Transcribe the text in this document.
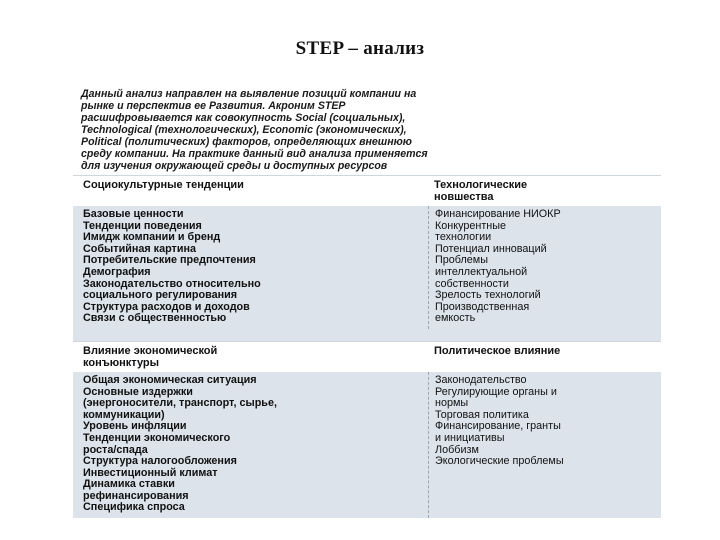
STEP – анализ

Данный анализ направлен на выявление позиций компании на
рынке и перспектив ее Развития. Акроним STEP
расшифровывается как совокупность Social (социальных),
Technological (технологических), Economic (экономических),
Political (политических) факторов, определяющих внешнюю
среду компании. На практике данный вид анализа применяется
для изучения окружающей среды и доступных ресурсов

Социокультурные тенденции	Технологические
новшества
Базовые ценности
Тенденции поведения
Имидж компании и бренд
Событийная картина
Потребительские предпочтения
Демография
Законодательство относительно
социального регулирования
Структура расходов и доходов
Связи с общественностью
Финансирование НИОКР
Конкурентные
технологии
Потенциал инноваций
Проблемы
интеллектуальной
собственности
Зрелость технологий
Производственная
емкость
Влияние экономической
конъюнктуры
Политическое влияние
Общая экономическая ситуация
Основные издержки
(энергоносители, транспорт, сырье,
коммуникации)
Уровень инфляции
Тенденции экономического
роста/спада
Структура налогообложения
Инвестиционный климат
Динамика ставки
рефинансирования
Специфика спроса
Законодательство
Регулирующие органы и
нормы
Торговая политика
Финансирование, гранты
и инициативы
Лоббизм
Экологические проблемы
